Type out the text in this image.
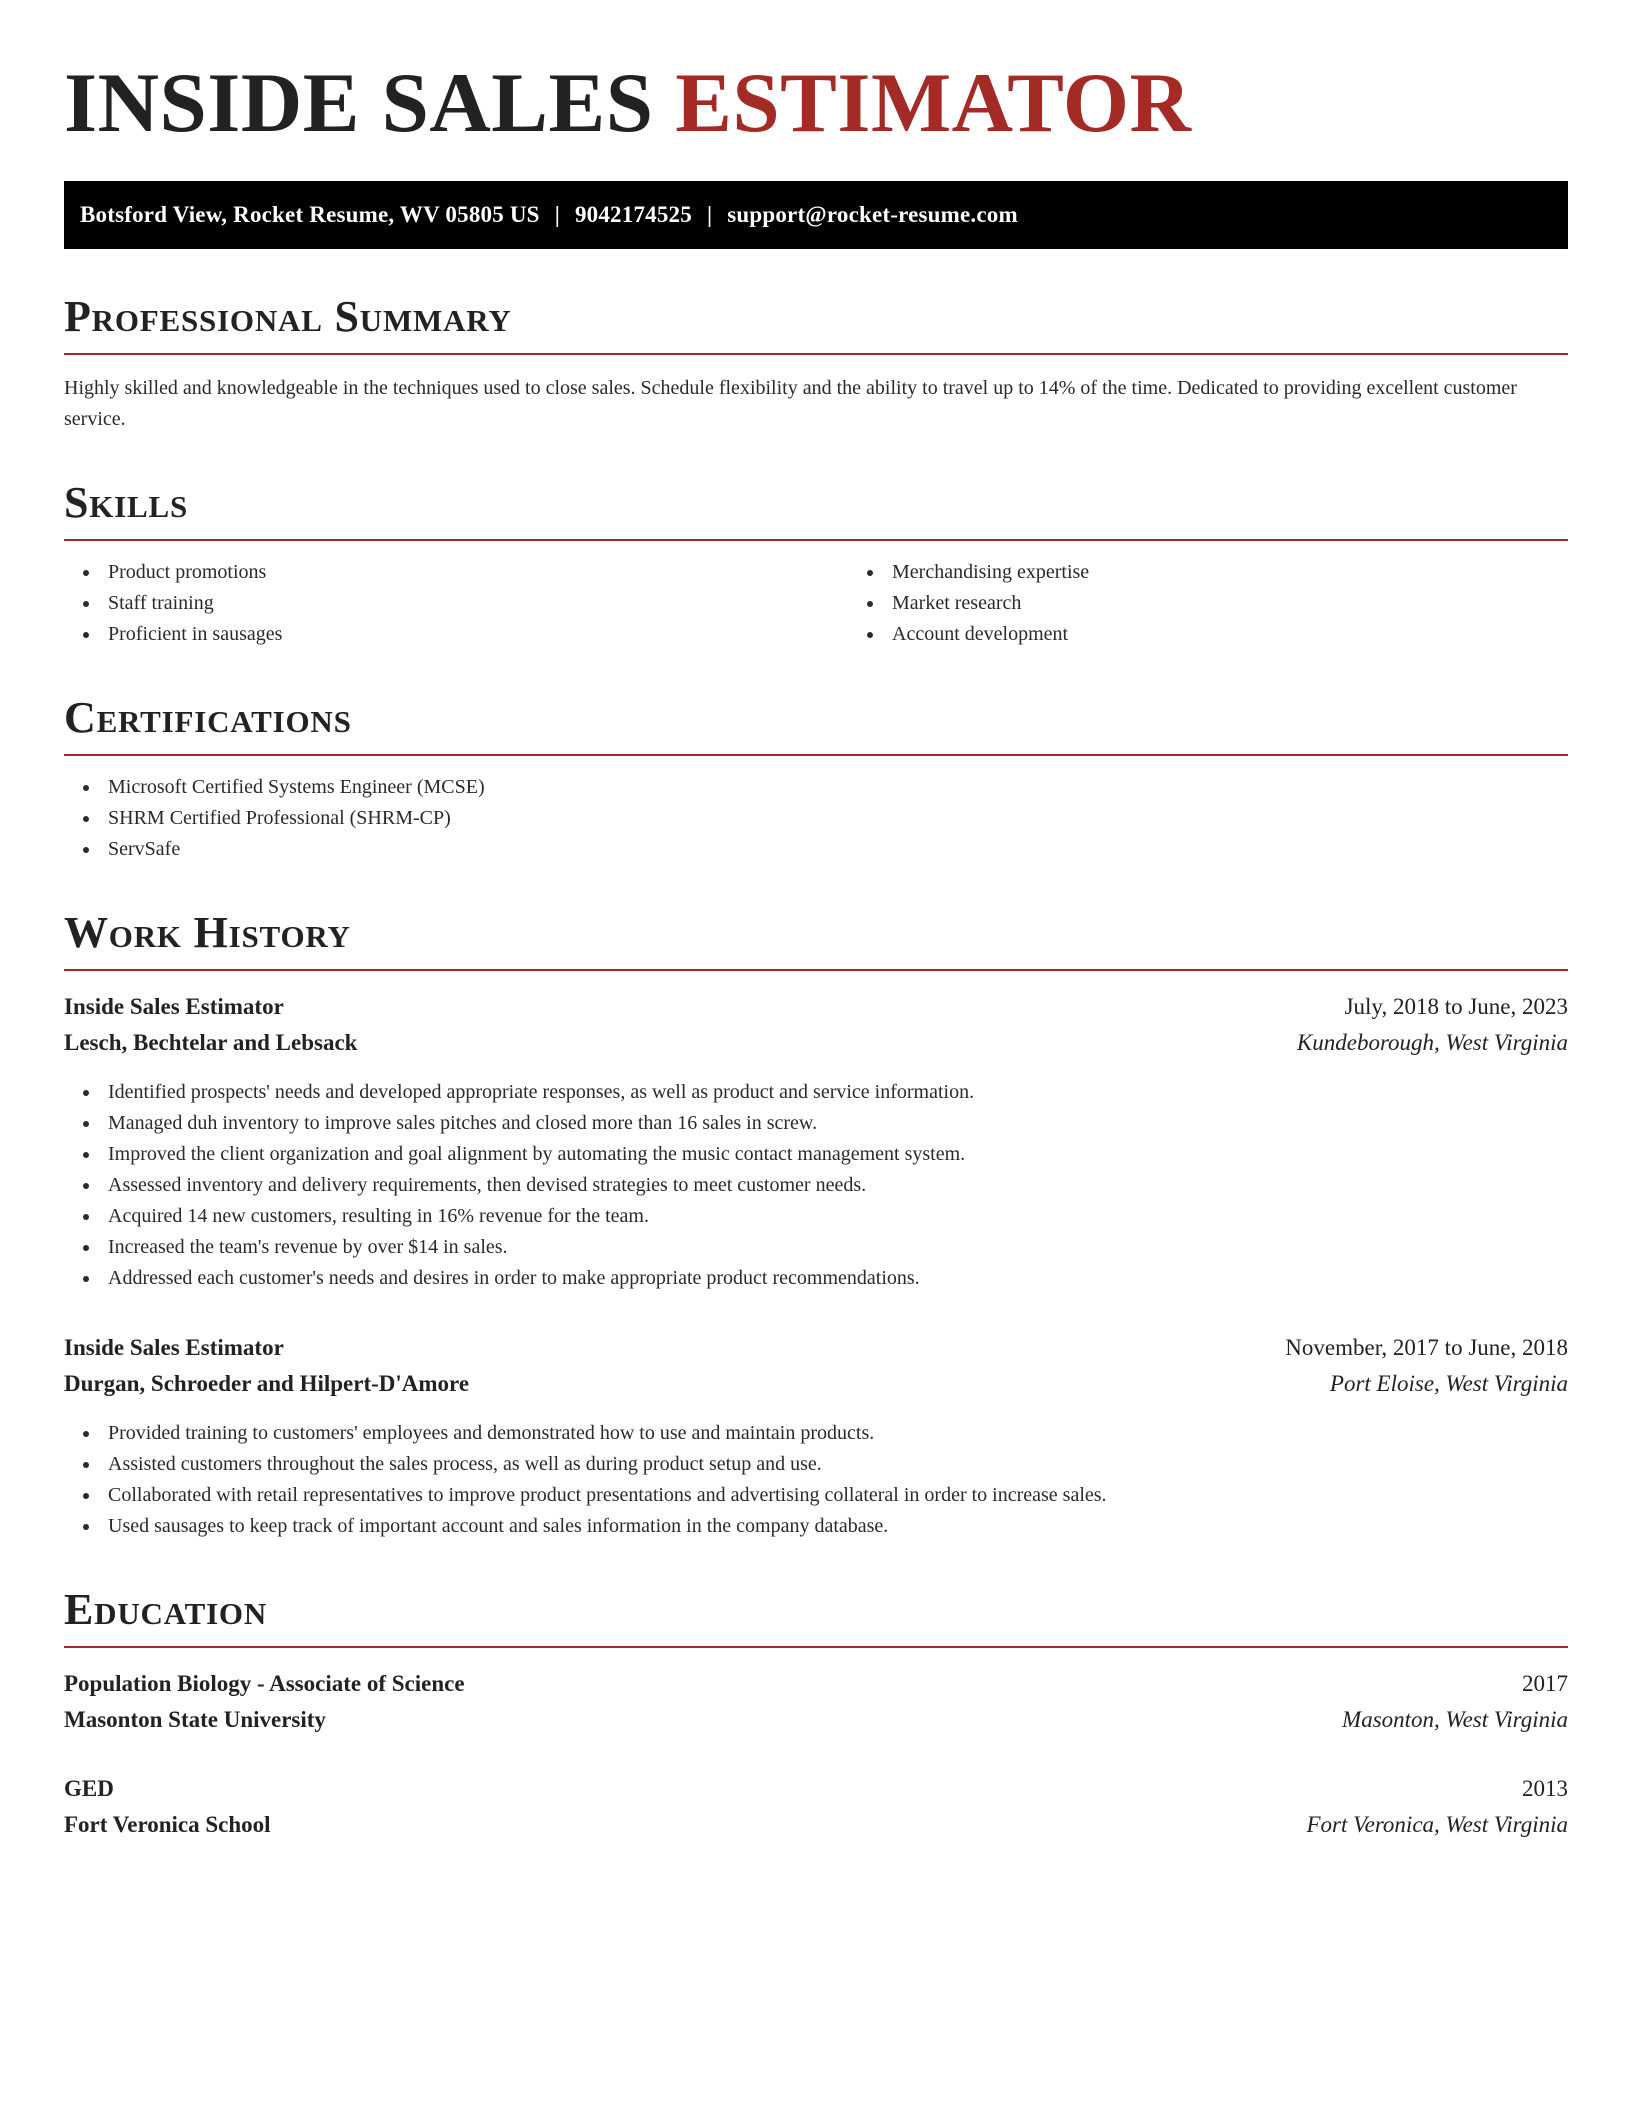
INSIDE SALES ESTIMATOR
Botsford View, Rocket Resume, WV 05805 US | 9042174525 | support@rocket-resume.com
Professional Summary

Highly skilled and knowledgeable in the techniques used to close sales. Schedule flexibility and the ability to travel up to 14% of the time. Dedicated to providing excellent customer service.

Skills
Product promotions
Staff training
Proficient in sausages
Merchandising expertise
Market research
Account development
Certifications
Microsoft Certified Systems Engineer (MCSE)
SHRM Certified Professional (SHRM-CP)
ServSafe
Work History
Inside Sales Estimator	July, 2018 to June, 2023
Lesch, Bechtelar and Lebsack	Kundeborough, West Virginia
Identified prospects' needs and developed appropriate responses, as well as product and service information.
Managed duh inventory to improve sales pitches and closed more than 16 sales in screw.
Improved the client organization and goal alignment by automating the music contact management system.
Assessed inventory and delivery requirements, then devised strategies to meet customer needs.
Acquired 14 new customers, resulting in 16% revenue for the team.
Increased the team's revenue by over $14 in sales.
Addressed each customer's needs and desires in order to make appropriate product recommendations.
Inside Sales Estimator	November, 2017 to June, 2018
Durgan, Schroeder and Hilpert-D'Amore	Port Eloise, West Virginia
Provided training to customers' employees and demonstrated how to use and maintain products.
Assisted customers throughout the sales process, as well as during product setup and use.
Collaborated with retail representatives to improve product presentations and advertising collateral in order to increase sales.
Used sausages to keep track of important account and sales information in the company database.
Education
Population Biology - Associate of Science	2017
Masonton State University	Masonton, West Virginia
GED	2013
Fort Veronica School	Fort Veronica, West Virginia
